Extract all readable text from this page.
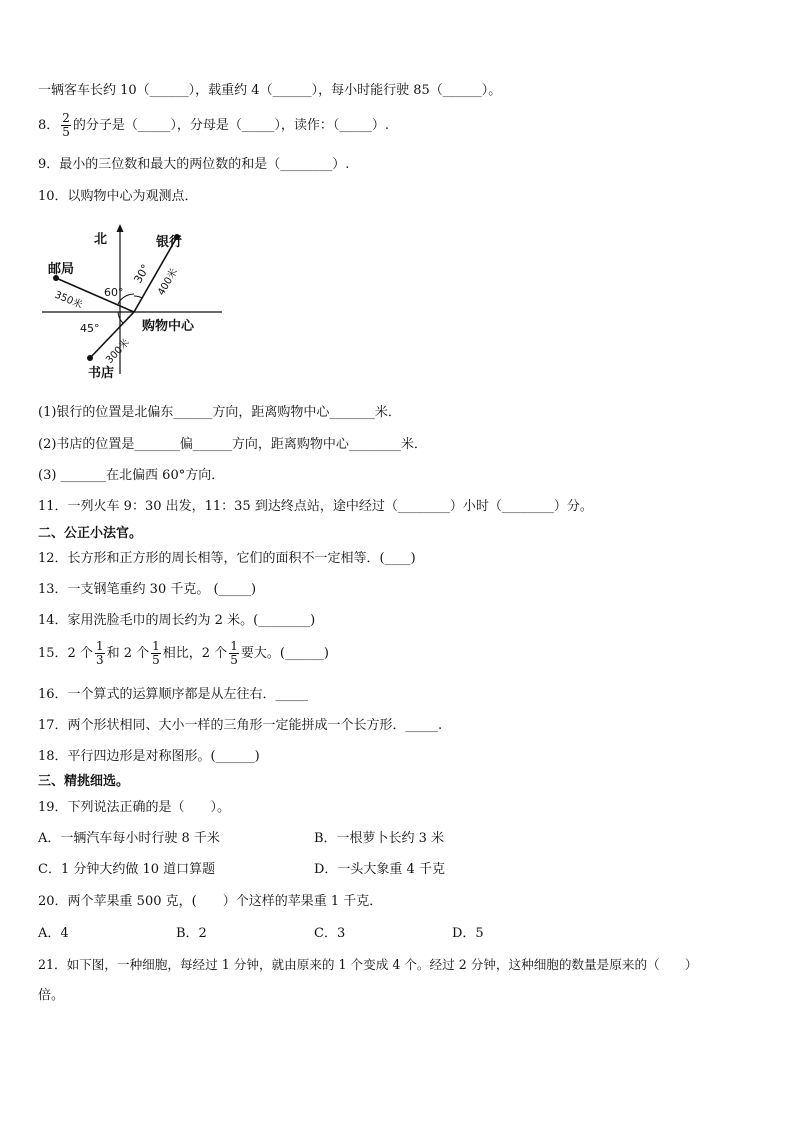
一辆客车长约 10（______），载重约 4（______），每小时能行驶 85（______）。
8． $\frac{2}{5}$ 的分子是（_____），分母是（_____），读作：（_____）.
9．最小的三位数和最大的两位数的和是（________）.
10．以购物中心为观测点．
北	银行
邮局
购物中心
书店
30°
60°
45°
400米
350米
300米
(1)银行的位置是北偏东______方向，距离购物中心_______米．
(2)书店的位置是_______偏______方向，距离购物中心________米．
(3) _______在北偏西 60°方向．
11．一列火车 9：30 出发，11：35 到达终点站，途中经过（________）小时（________）分。
二、公正小法官。
12．长方形和正方形的周长相等，它们的面积不一定相等．(____)
13．一支钢笔重约 30 千克。 (_____)
14．家用洗脸毛巾的周长约为 2 米。(________)
15．2 个 $\frac{1}{3}$ 和 2 个 $\frac{1}{5}$ 相比，2 个 $\frac{1}{5}$ 要大。(______)
16．一个算式的运算顺序都是从左往右．_____
17．两个形状相同、大小一样的三角形一定能拼成一个长方形．_____.
18．平行四边形是对称图形。(______)
三、精挑细选。
19．下列说法正确的是（　　）。
A．一辆汽车每小时行驶 8 千米	B．一根萝卜长约 3 米
C．1 分钟大约做 10 道口算题	D．一头大象重 4 千克
20．两个苹果重 500 克，(　　）个这样的苹果重 1 千克．
A．4	B．2	C．3	D．5
21．如下图，一种细胞，每经过 1 分钟，就由原来的 1 个变成 4 个。经过 2 分钟，这种细胞的数量是原来的（　　）
倍。
